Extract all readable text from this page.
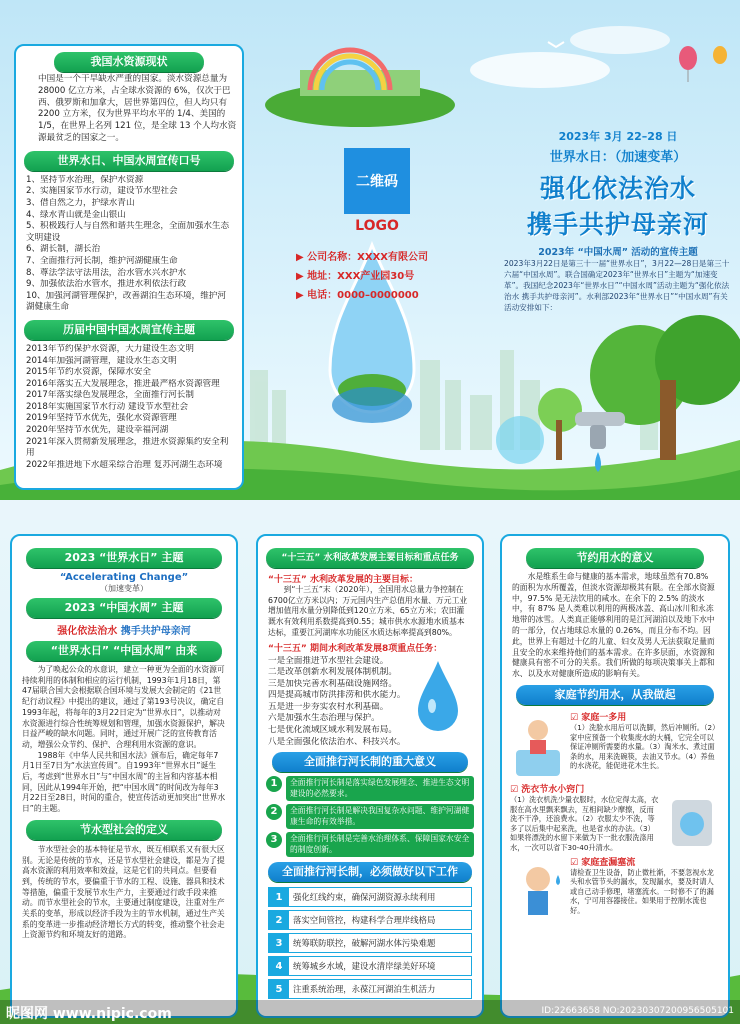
我国水资源现状
中国是一个干旱缺水严重的国家。淡水资源总量为 28000 亿立方米，占全球水资源的 6%，仅次于巴西、俄罗斯和加拿大，居世界第四位，但人均只有 2200 立方米，仅为世界平均水平的 1/4、美国的 1/5，在世界上名列 121 位，是全球 13 个人均水资源最贫乏的国家之一。
世界水日、中国水周宣传口号

1、坚持节水治理，保护水资源

2、实施国家节水行动，建设节水型社会

3、借自然之力，护绿水青山

4、绿水青山就是金山银山

5、积极践行人与自然和谐共生理念，全面加强水生态文明建设

6、湖长制，湖长治

7、全面推行河长制，维护河湖健康生命

8、尊法学法守法用法，治水管水兴水护水

9、加强依法治水管水，推进水利依法行政

10、加强河湖管理保护，改善湖泊生态环境，维护河湖健康生命

历届中国中国水周宣传主题

2013年节约保护水资源，大力建设生态文明

2014年加强河湖管理，建设水生态文明

2015年节约水资源，保障水安全

2016年落实五大发展理念，推进最严格水资源管理

2017年落实绿色发展理念，全面推行河长制

2018年实施国家节水行动 建设节水型社会

2019年坚持节水优先，强化水资源管理

2020年坚持节水优先，建设幸福河湖

2021年深入贯彻新发展理念，推进水资源集约安全利用

2022年推进地下水超采综合治理 复苏河湖生态环境

二维码
LOGO
▶ 公司名称：XXXX有限公司
▶ 地址：XXX产业园30号
▶ 电话：0000–0000000
2023年 3月 22–28 日
世界水日：（加速变革）
强化依法治水
携手共护母亲河
2023年 “中国水周” 活动的宣传主题
2023年3月22日是第三十一届“世界水日”，3月22—28日是第三十六届“中国水周”。联合国确定2023年“世界水日”主题为“加速变革”。我国纪念2023年“世界水日”“中国水周”活动主题为“强化依法治水 携手共护母亲河”。水利部2023年“世界水日”“中国水周”有关活动安排如下：
2023 “世界水日” 主题
“Accelerating Change”
（加速变革）
2023 “中国水周” 主题
强化依法治水 携手共护母亲河
“世界水日” “中国水周” 由来
为了唤起公众的水意识，建立一种更为全面的水资源可持续利用的体制和相应的运行机制，1993年1月18日，第47届联合国大会根据联合国环境与发展大会制定的《21世纪行动议程》中提出的建议，通过了第193号决议，确定自1993年起，将每年的3月22日定为“世界水日”，以推动对水资源进行综合性统筹规划和管理，加强水资源保护，解决日益严峻的缺水问题。同时，通过开展广泛的宣传教育活动，增强公众节约、保护、合理利用水资源的意识。
1988年《中华人民共和国水法》颁布后，确定每年7月1日至7日为“水法宣传周”。自1993年“世界水日”诞生后，考虑到“世界水日”与“中国水周”的主旨和内容基本相同，因此从1994年开始，把“中国水周”的时间改为每年3月22日至28日，时间的重合，使宣传活动更加突出“世界水日”的主题。
节水型社会的定义
节水型社会的基本特征是节水，既互相联系又有很大区别。无论是传统的节水，还是节水型社会建设，都是为了提高水资源的利用效率和效益，这是它们的共同点。但要看到，传统的节水，要偏重于节水的工程、设施、器具和技术等措施，偏重于发展节水生产力，主要通过行政手段来推动。而节水型社会的节水，主要通过制度建设，注重对生产关系的变革，形成以经济手段为主的节水机制，通过生产关系的变革进一步推动经济增长方式的转变，推动整个社会走上资源节约和环境友好的道路。
“十三五” 水利改革发展主要目标和重点任务
“十三五” 水利改革发展的主要目标：
到“十三五”末（2020年），全国用水总量力争控制在6700亿立方米以内；万元国内生产总值用水量、万元工业增加值用水量分别降低到120立方米、65立方米；农田灌溉水有效利用系数提高到0.55；城市供水水源地水质基本达标，重要江河湖库水功能区水质达标率提高到80%。
“十三五” 期间水利改革发展8项重点任务：

一是全面推进节水型社会建设。

二是改革创新水利发展体制机制。

三是加快完善水利基础设施网络。

四是提高城市防洪排涝和供水能力。

五是进一步夯实农村水利基础。

六是加强水生态治理与保护。

七是优化流域区域水利发展布局。

八是全面强化依法治水、科技兴水。

全面推行河长制的重大意义
1	全面推行河长制是落实绿色发展理念、推进生态文明建设的必然要求。
2	全面推行河长制是解决我国复杂水问题、维护河湖健康生命的有效举措。
3	全面推行河长制是完善水治理体系、保障国家水安全的制度创新。
全面推行河长制，必须做好以下工作
1	强化红线约束，确保河湖资源永续利用
2	落实空间管控，构建科学合理岸线格局
3	统筹联防联控，破解河湖水体污染难题
4	统筹城乡水域，建设水清岸绿美好环境
5	注重系统治理，永葆江河湖泊生机活力
节约用水的意义
水是维系生命与健康的基本需求，地球虽然有70.8% 的面积为水所覆盖，但淡水资源却极其有限。在全部水资源中，97.5% 是无法饮用的咸水。在余下的 2.5% 的淡水中，有 87% 是人类难以利用的两极冰盖、高山冰川和永冻地带的冰雪。人类真正能够利用的是江河湖泊以及地下水中的一部分，仅占地球总水量的 0.26%，而且分布不均。因此，世界上有超过十亿的儿童、妇女及男人无法获取足量而且安全的水来维持他们的基本需求。在许多层面，水资源和健康具有密不可分的关系。我们所做的每项决策事关上都和水、以及水对健康所造成的影响有关。
家庭节约用水，从我做起
☑ 家庭一多用
（1）洗脸水用后可以洗脚，然后冲厕所。（2）家中应预备一个收集废水的大桶，它完全可以保证冲厕所需要的水量。（3）淘米水、煮过面条的水，用来洗碗筷，去油又节水。（4）养鱼的水浇花，能促进花木生长。
☑ 洗衣节水小窍门
（1）洗衣机洗少量衣服时，水位定得太高，衣服在高水里飘来飘去，互相间缺少摩擦，反而洗不干净，还浪费水。（2）衣服太少不洗，等多了以后集中起来洗，也是省水的办法。（3）如果将漂洗的水留下来做为下一批衣服洗涤用水，一次可以省下30-40升清水。
☑ 家庭查漏塞流
请检查卫生设备，防止微杜渐，不要忽视水龙头和水管节头的漏水，发现漏水，要及时请人或自己动手修理，堵塞流水。一时修不了的漏水，宁可用容器接住。如果用于控制水流也好。
昵图网 www.nipic.com	ID:22663658 NO:20230307200956505101
